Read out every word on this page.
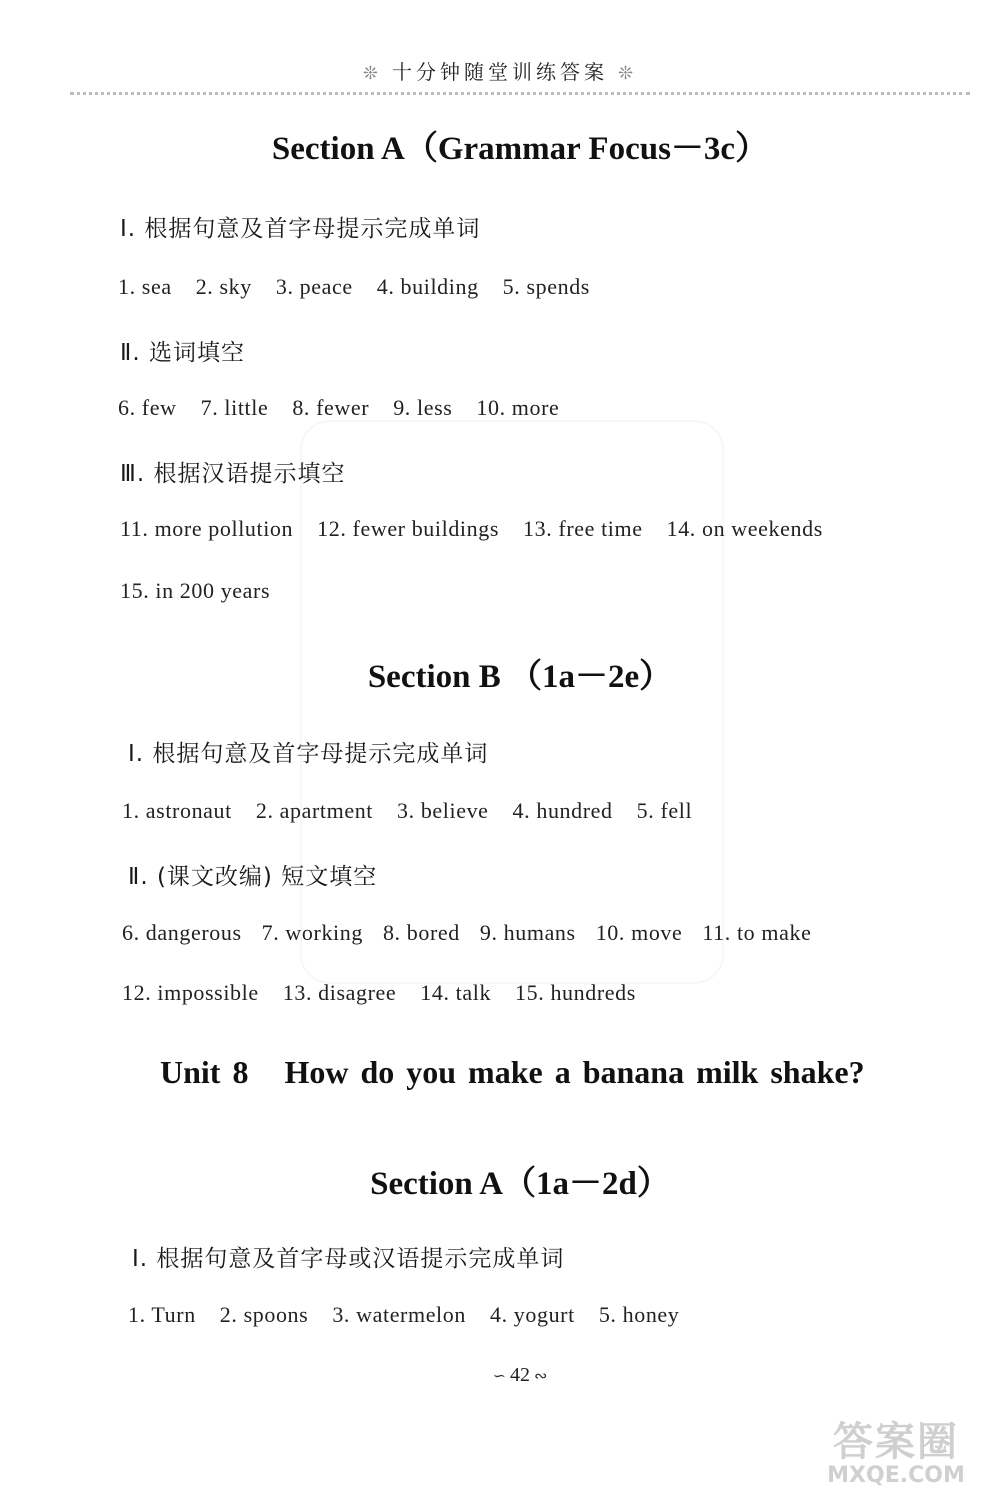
❊ 十分钟随堂训练答案 ❊
Section A（Grammar Focus－3c）
Ⅰ. 根据句意及首字母提示完成单词
1. sea 2. sky 3. peace 4. building 5. spends
Ⅱ. 选词填空
6. few 7. little 8. fewer 9. less 10. more
Ⅲ. 根据汉语提示填空
11. more pollution 12. fewer buildings 13. free time 14. on weekends
15. in 200 years
Section B （1a－2e）
Ⅰ. 根据句意及首字母提示完成单词
1. astronaut 2. apartment 3. believe 4. hundred 5. fell
Ⅱ. (课文改编) 短文填空
6. dangerous 7. working 8. bored 9. humans 10. move 11. to make
12. impossible 13. disagree 14. talk 15. hundreds
Unit 8 How do you make a banana milk shake?
Section A（1a－2d）
Ⅰ. 根据句意及首字母或汉语提示完成单词
1. Turn 2. spoons 3. watermelon 4. yogurt 5. honey
∽ 42 ∾
答案圈
MXQE.COM
